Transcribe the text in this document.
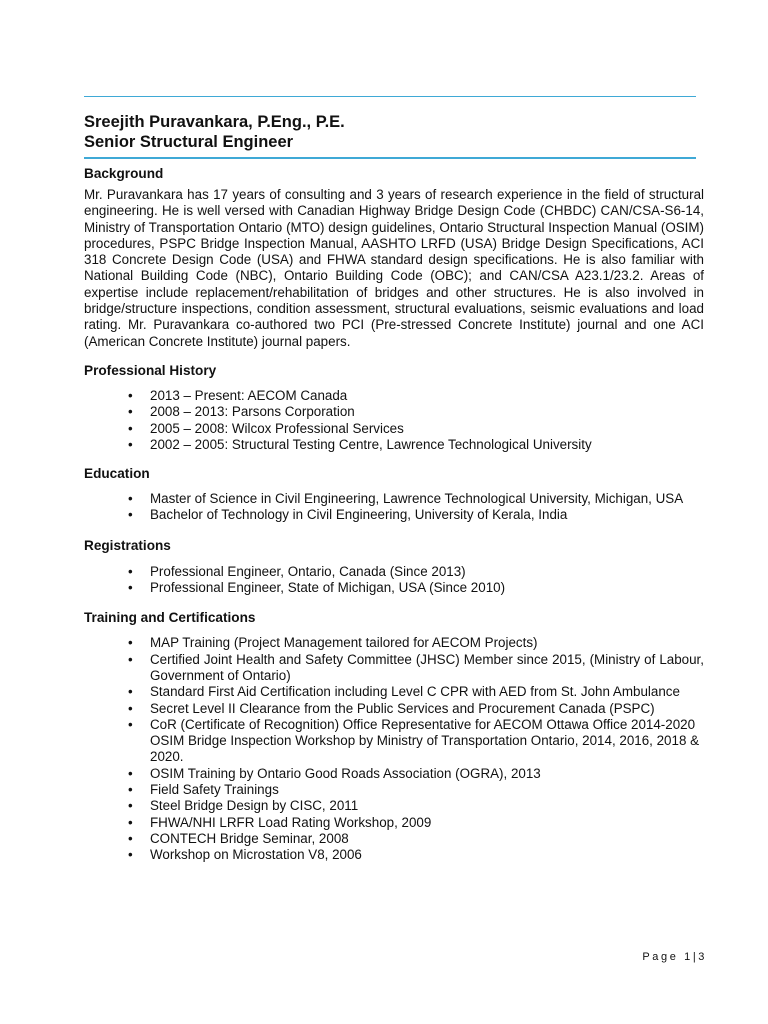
Sreejith Puravankara, P.Eng., P.E.
Senior Structural Engineer
Background

Mr. Puravankara has 17 years of consulting and 3 years of research experience in the field of structural engineering. He is well versed with Canadian Highway Bridge Design Code (CHBDC) CAN/CSA-S6-14, Ministry of Transportation Ontario (MTO) design guidelines, Ontario Structural Inspection Manual (OSIM) procedures, PSPC Bridge Inspection Manual, AASHTO LRFD (USA) Bridge Design Specifications, ACI 318 Concrete Design Code (USA) and FHWA standard design specifications. He is also familiar with National Building Code (NBC), Ontario Building Code (OBC); and CAN/CSA A23.1/23.2. Areas of expertise include replacement/rehabilitation of bridges and other structures. He is also involved in bridge/structure inspections, condition assessment, structural evaluations, seismic evaluations and load rating. Mr. Puravankara co-authored two PCI (Pre-stressed Concrete Institute) journal and one ACI (American Concrete Institute) journal papers.

Professional History
• 2013 – Present: AECOM Canada
• 2008 – 2013: Parsons Corporation
• 2005 – 2008: Wilcox Professional Services
• 2002 – 2005: Structural Testing Centre, Lawrence Technological University
Education
• Master of Science in Civil Engineering, Lawrence Technological University, Michigan, USA
• Bachelor of Technology in Civil Engineering, University of Kerala, India
Registrations
• Professional Engineer, Ontario, Canada (Since 2013)
• Professional Engineer, State of Michigan, USA (Since 2010)
Training and Certifications
• MAP Training (Project Management tailored for AECOM Projects)
• Certified Joint Health and Safety Committee (JHSC) Member since 2015, (Ministry of Labour, Government of Ontario)
• Standard First Aid Certification including Level C CPR with AED from St. John Ambulance
• Secret Level II Clearance from the Public Services and Procurement Canada (PSPC)
• CoR (Certificate of Recognition) Office Representative for AECOM Ottawa Office 2014-2020
OSIM Bridge Inspection Workshop by Ministry of Transportation Ontario, 2014, 2016, 2018 & 2020.
• OSIM Training by Ontario Good Roads Association (OGRA), 2013
• Field Safety Trainings
• Steel Bridge Design by CISC, 2011
• FHWA/NHI LRFR Load Rating Workshop, 2009
• CONTECH Bridge Seminar, 2008
• Workshop on Microstation V8, 2006
Page 1|3
